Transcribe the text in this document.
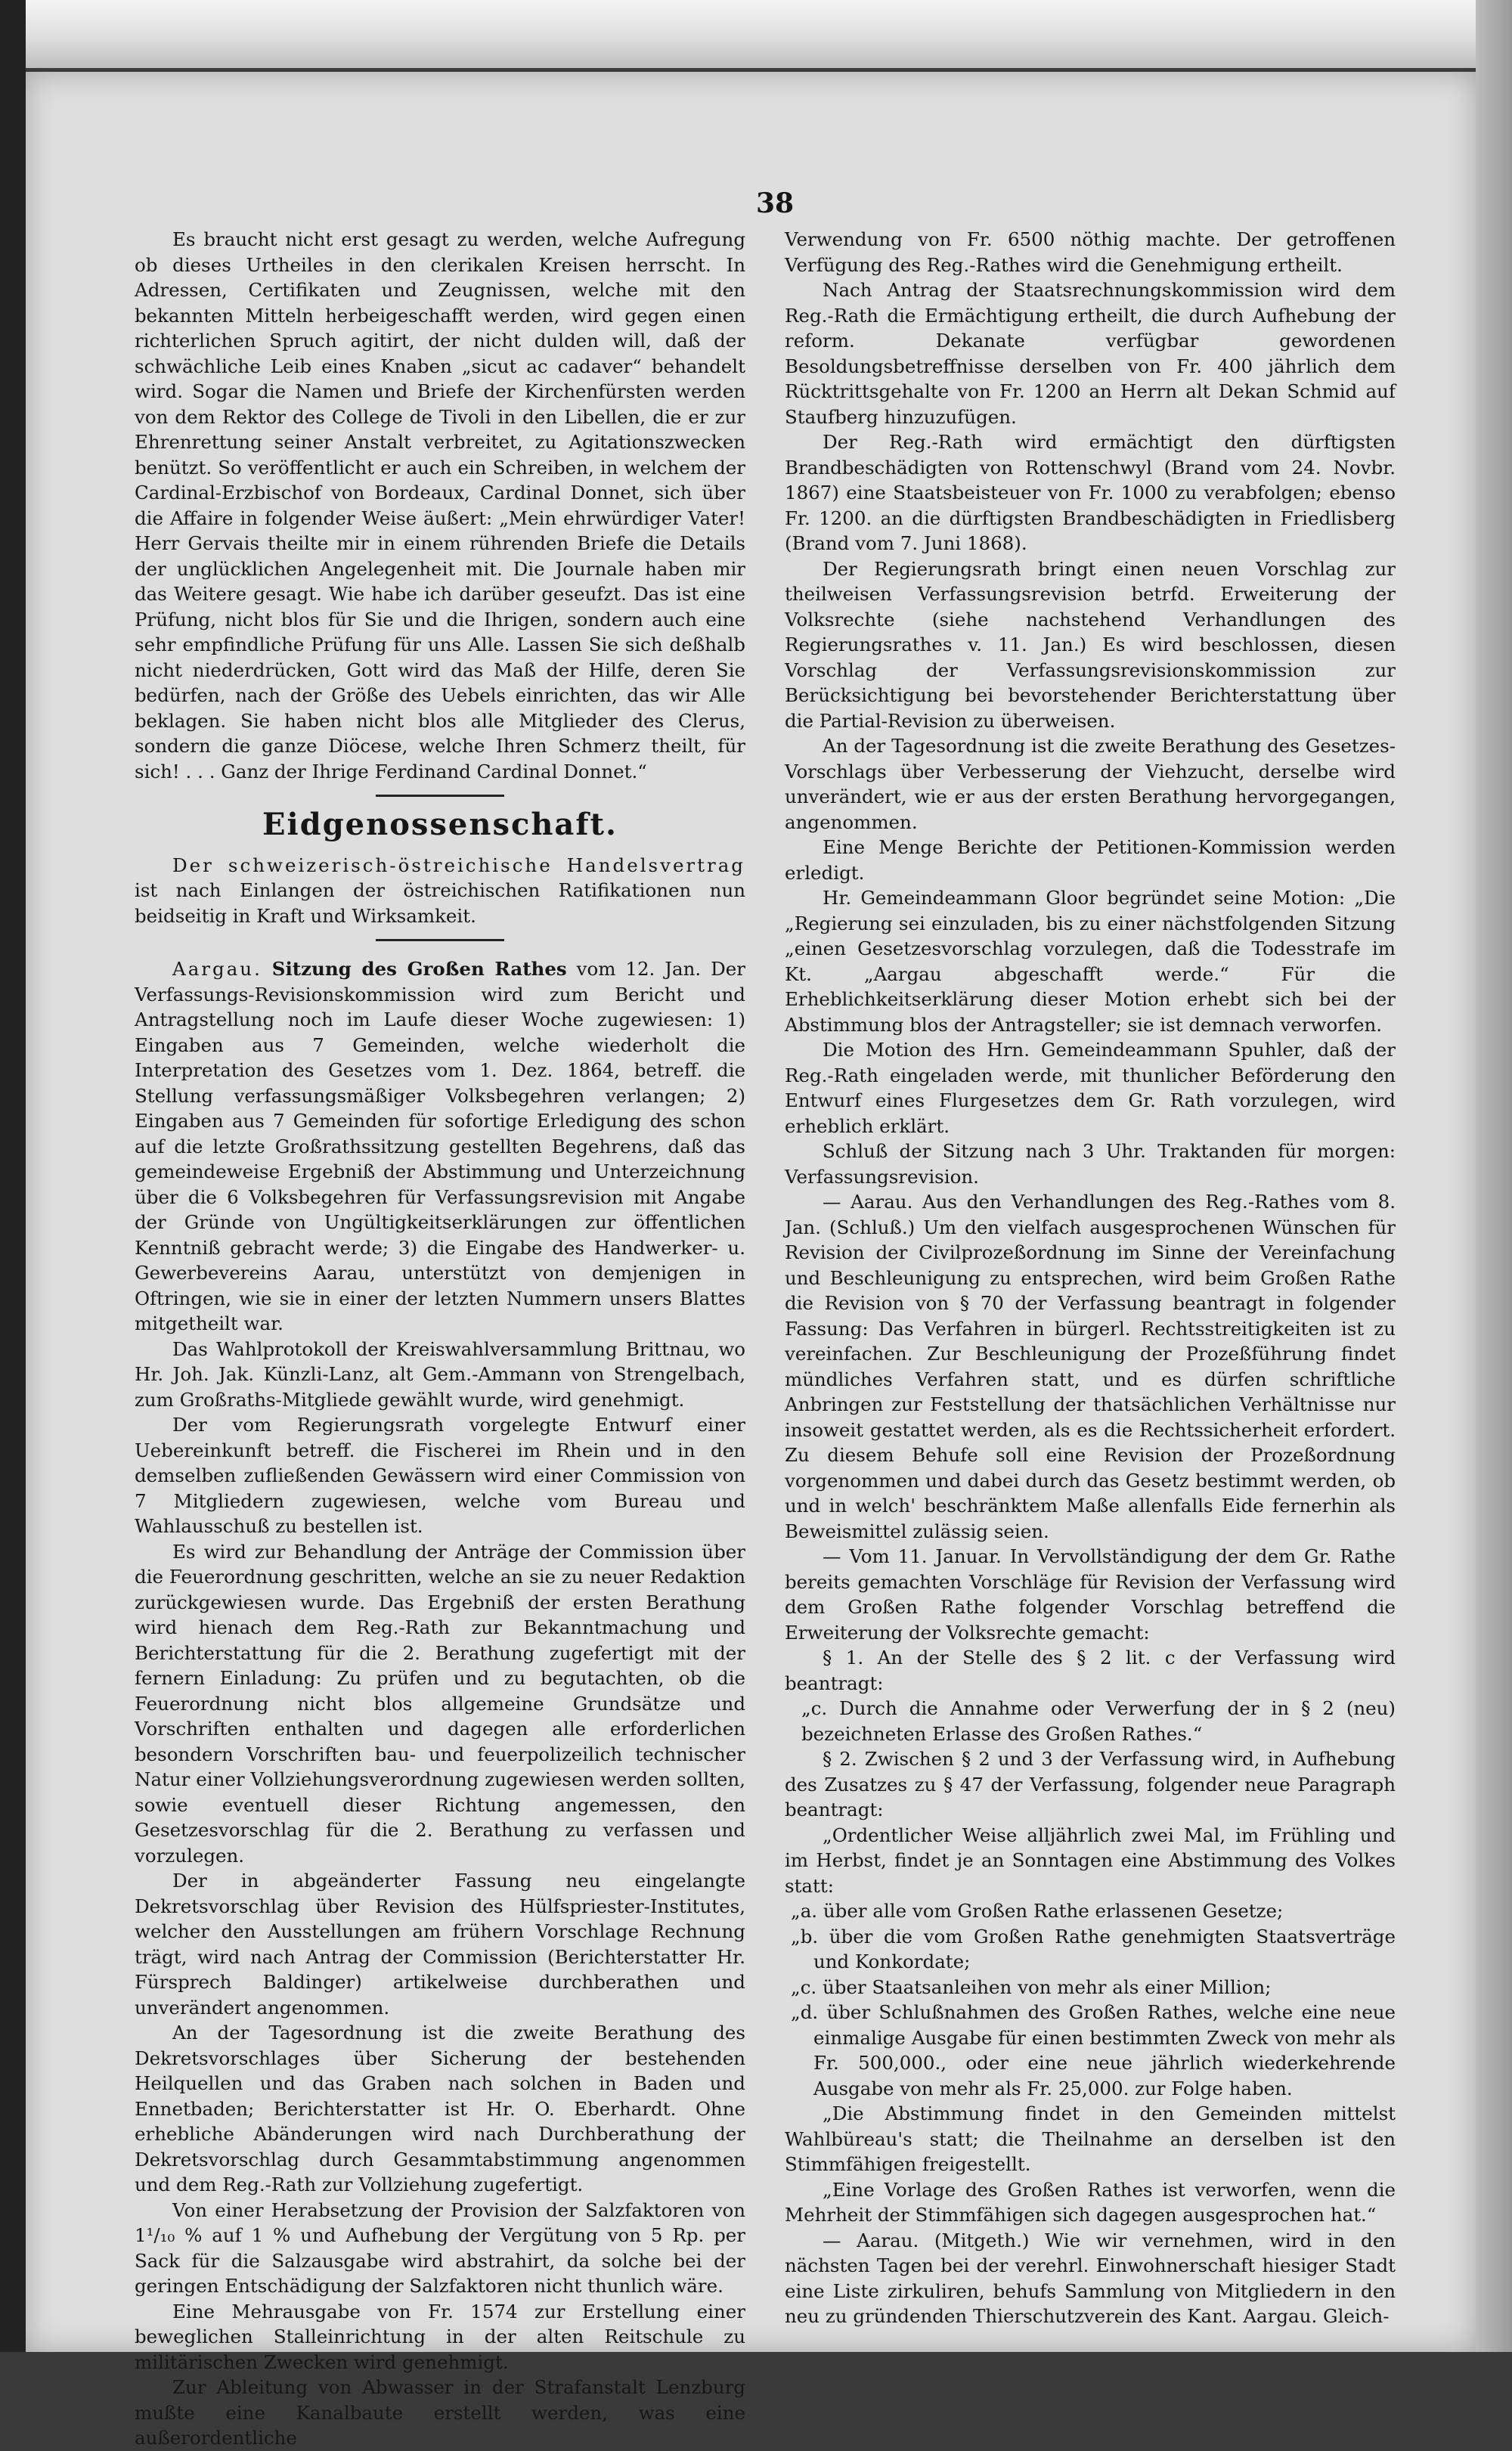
38

Es braucht nicht erst gesagt zu werden, welche Aufregung ob dieses Urtheiles in den clerikalen Kreisen herrscht. In Adressen, Certifikaten und Zeugnissen, welche mit den bekannten Mitteln herbeigeschafft werden, wird gegen einen richterlichen Spruch agitirt, der nicht dulden will, daß der schwächliche Leib eines Knaben „sicut ac cadaver“ behandelt wird. Sogar die Namen und Briefe der Kirchenfürsten werden von dem Rektor des College de Tivoli in den Libellen, die er zur Ehrenrettung seiner Anstalt verbreitet, zu Agitationszwecken benützt. So veröffentlicht er auch ein Schreiben, in welchem der Cardinal-Erzbischof von Bordeaux, Cardinal Donnet, sich über die Affaire in folgender Weise äußert: „Mein ehrwürdiger Vater! Herr Gervais theilte mir in einem rührenden Briefe die Details der unglücklichen Angelegenheit mit. Die Journale haben mir das Weitere gesagt. Wie habe ich darüber geseufzt. Das ist eine Prüfung, nicht blos für Sie und die Ihrigen, sondern auch eine sehr empfindliche Prüfung für uns Alle. Lassen Sie sich deßhalb nicht niederdrücken, Gott wird das Maß der Hilfe, deren Sie bedürfen, nach der Größe des Uebels einrichten, das wir Alle beklagen. Sie haben nicht blos alle Mitglieder des Clerus, sondern die ganze Diöcese, welche Ihren Schmerz theilt, für sich! . . . Ganz der Ihrige Ferdinand Cardinal Donnet.“

Eidgenossenschaft.

Der schweizerisch-östreichische Handelsvertrag ist nach Einlangen der östreichischen Ratifikationen nun beidseitig in Kraft und Wirksamkeit.

Aargau. Sitzung des Großen Rathes vom 12. Jan. Der Verfassungs-Revisionskommission wird zum Bericht und Antragstellung noch im Laufe dieser Woche zugewiesen: 1) Eingaben aus 7 Gemeinden, welche wiederholt die Interpretation des Gesetzes vom 1. Dez. 1864, betreff. die Stellung verfassungsmäßiger Volksbegehren verlangen; 2) Eingaben aus 7 Gemeinden für sofortige Erledigung des schon auf die letzte Großrathssitzung gestellten Begehrens, daß das gemeindeweise Ergebniß der Abstimmung und Unterzeichnung über die 6 Volksbegehren für Verfassungsrevision mit Angabe der Gründe von Ungültigkeitserklärungen zur öffentlichen Kenntniß gebracht werde; 3) die Eingabe des Handwerker- u. Gewerbevereins Aarau, unterstützt von demjenigen in Oftringen, wie sie in einer der letzten Nummern unsers Blattes mitgetheilt war.

Das Wahlprotokoll der Kreiswahlversammlung Brittnau, wo Hr. Joh. Jak. Künzli-Lanz, alt Gem.-Ammann von Strengelbach, zum Großraths-Mitgliede gewählt wurde, wird genehmigt.

Der vom Regierungsrath vorgelegte Entwurf einer Uebereinkunft betreff. die Fischerei im Rhein und in den demselben zufließenden Gewässern wird einer Commission von 7 Mitgliedern zugewiesen, welche vom Bureau und Wahlausschuß zu bestellen ist.

Es wird zur Behandlung der Anträge der Commission über die Feuerordnung geschritten, welche an sie zu neuer Redaktion zurückgewiesen wurde. Das Ergebniß der ersten Berathung wird hienach dem Reg.-Rath zur Bekanntmachung und Berichterstattung für die 2. Berathung zugefertigt mit der fernern Einladung: Zu prüfen und zu begutachten, ob die Feuerordnung nicht blos allgemeine Grundsätze und Vorschriften enthalten und dagegen alle erforderlichen besondern Vorschriften bau- und feuerpolizeilich technischer Natur einer Vollziehungsverordnung zugewiesen werden sollten, sowie eventuell dieser Richtung angemessen, den Gesetzesvorschlag für die 2. Berathung zu verfassen und vorzulegen.

Der in abgeänderter Fassung neu eingelangte Dekretsvorschlag über Revision des Hülfspriester-Institutes, welcher den Ausstellungen am frühern Vorschlage Rechnung trägt, wird nach Antrag der Commission (Berichterstatter Hr. Fürsprech Baldinger) artikelweise durchberathen und unverändert angenommen.

An der Tagesordnung ist die zweite Berathung des Dekretsvorschlages über Sicherung der bestehenden Heilquellen und das Graben nach solchen in Baden und Ennetbaden; Berichterstatter ist Hr. O. Eberhardt. Ohne erhebliche Abänderungen wird nach Durchberathung der Dekretsvorschlag durch Gesammtabstimmung angenommen und dem Reg.-Rath zur Vollziehung zugefertigt.

Von einer Herabsetzung der Provision der Salzfaktoren von 1¹/₁₀ % auf 1 % und Aufhebung der Vergütung von 5 Rp. per Sack für die Salzausgabe wird abstrahirt, da solche bei der geringen Entschädigung der Salzfaktoren nicht thunlich wäre.

Eine Mehrausgabe von Fr. 1574 zur Erstellung einer beweglichen Stalleinrichtung in der alten Reitschule zu militärischen Zwecken wird genehmigt.

Zur Ableitung von Abwasser in der Strafanstalt Lenzburg mußte eine Kanalbaute erstellt werden, was eine außerordentliche

Verwendung von Fr. 6500 nöthig machte. Der getroffenen Verfügung des Reg.-Rathes wird die Genehmigung ertheilt.

Nach Antrag der Staatsrechnungskommission wird dem Reg.-Rath die Ermächtigung ertheilt, die durch Aufhebung der reform. Dekanate verfügbar gewordenen Besoldungsbetreffnisse derselben von Fr. 400 jährlich dem Rücktrittsgehalte von Fr. 1200 an Herrn alt Dekan Schmid auf Staufberg hinzuzufügen.

Der Reg.-Rath wird ermächtigt den dürftigsten Brandbeschädigten von Rottenschwyl (Brand vom 24. Novbr. 1867) eine Staatsbeisteuer von Fr. 1000 zu verabfolgen; ebenso Fr. 1200. an die dürftigsten Brandbeschädigten in Friedlisberg (Brand vom 7. Juni 1868).

Der Regierungsrath bringt einen neuen Vorschlag zur theilweisen Verfassungsrevision betrfd. Erweiterung der Volksrechte (siehe nachstehend Verhandlungen des Regierungsrathes v. 11. Jan.) Es wird beschlossen, diesen Vorschlag der Verfassungsrevisionskommission zur Berücksichtigung bei bevorstehender Berichterstattung über die Partial-Revision zu überweisen.

An der Tagesordnung ist die zweite Berathung des Gesetzes-Vorschlags über Verbesserung der Viehzucht, derselbe wird unverändert, wie er aus der ersten Berathung hervorgegangen, angenommen.

Eine Menge Berichte der Petitionen-Kommission werden erledigt.

Hr. Gemeindeammann Gloor begründet seine Motion: „Die „Regierung sei einzuladen, bis zu einer nächstfolgenden Sitzung „einen Gesetzesvorschlag vorzulegen, daß die Todesstrafe im Kt. „Aargau abgeschafft werde.“ Für die Erheblichkeitserklärung dieser Motion erhebt sich bei der Abstimmung blos der Antragsteller; sie ist demnach verworfen.

Die Motion des Hrn. Gemeindeammann Spuhler, daß der Reg.-Rath eingeladen werde, mit thunlicher Beförderung den Entwurf eines Flurgesetzes dem Gr. Rath vorzulegen, wird erheblich erklärt.

Schluß der Sitzung nach 3 Uhr. Traktanden für morgen: Verfassungsrevision.

— Aarau. Aus den Verhandlungen des Reg.-Rathes vom 8. Jan. (Schluß.) Um den vielfach ausgesprochenen Wünschen für Revision der Civilprozeßordnung im Sinne der Vereinfachung und Beschleunigung zu entsprechen, wird beim Großen Rathe die Revision von § 70 der Verfassung beantragt in folgender Fassung: Das Verfahren in bürgerl. Rechtsstreitigkeiten ist zu vereinfachen. Zur Beschleunigung der Prozeßführung findet mündliches Verfahren statt, und es dürfen schriftliche Anbringen zur Feststellung der thatsächlichen Verhältnisse nur insoweit gestattet werden, als es die Rechtssicherheit erfordert. Zu diesem Behufe soll eine Revision der Prozeßordnung vorgenommen und dabei durch das Gesetz bestimmt werden, ob und in welch' beschränktem Maße allenfalls Eide fernerhin als Beweismittel zulässig seien.

— Vom 11. Januar. In Vervollständigung der dem Gr. Rathe bereits gemachten Vorschläge für Revision der Verfassung wird dem Großen Rathe folgender Vorschlag betreffend die Erweiterung der Volksrechte gemacht:

§ 1. An der Stelle des § 2 lit. c der Verfassung wird beantragt:

„c. Durch die Annahme oder Verwerfung der in § 2 (neu) bezeichneten Erlasse des Großen Rathes.“

§ 2. Zwischen § 2 und 3 der Verfassung wird, in Aufhebung des Zusatzes zu § 47 der Verfassung, folgender neue Paragraph beantragt:

„Ordentlicher Weise alljährlich zwei Mal, im Frühling und im Herbst, findet je an Sonntagen eine Abstimmung des Volkes statt:

„a. über alle vom Großen Rathe erlassenen Gesetze;

„b. über die vom Großen Rathe genehmigten Staatsverträge und Konkordate;

„c. über Staatsanleihen von mehr als einer Million;

„d. über Schlußnahmen des Großen Rathes, welche eine neue einmalige Ausgabe für einen bestimmten Zweck von mehr als Fr. 500,000., oder eine neue jährlich wiederkehrende Ausgabe von mehr als Fr. 25,000. zur Folge haben.

„Die Abstimmung findet in den Gemeinden mittelst Wahlbüreau's statt; die Theilnahme an derselben ist den Stimmfähigen freigestellt.

„Eine Vorlage des Großen Rathes ist verworfen, wenn die Mehrheit der Stimmfähigen sich dagegen ausgesprochen hat.“

— Aarau. (Mitgeth.) Wie wir vernehmen, wird in den nächsten Tagen bei der verehrl. Einwohnerschaft hiesiger Stadt eine Liste zirkuliren, behufs Sammlung von Mitgliedern in den neu zu gründenden Thierschutzverein des Kant. Aargau. Gleich-
